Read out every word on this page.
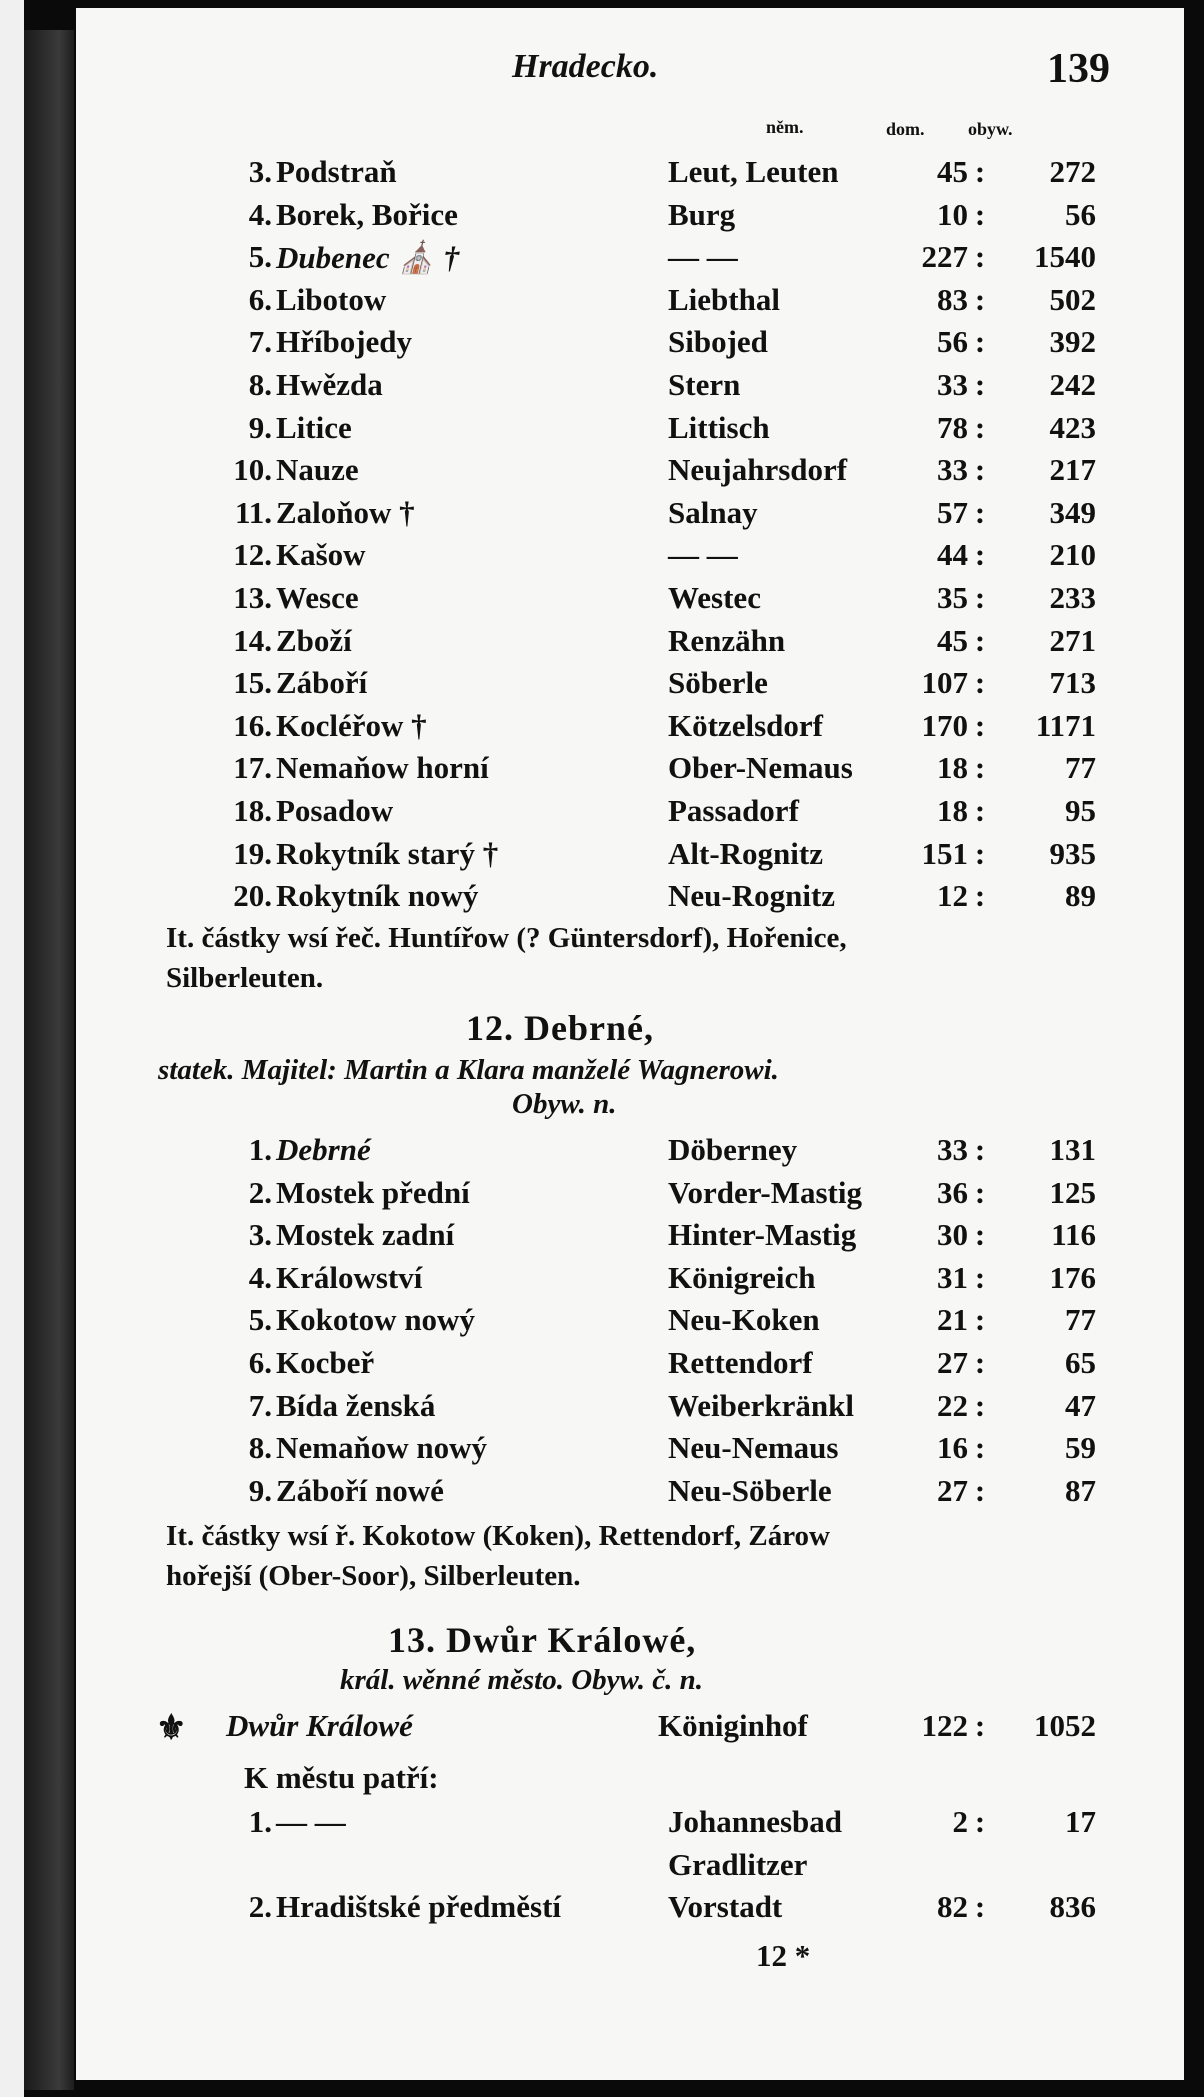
Hradecko.	139
něm.	dom. obyw.
3. Podstraň	Leut, Leuten	45 :	272
4. Borek, Bořice	Burg	10 :	56
5. Dubenec ⛪ †	— —	227 :	1540
6. Libotow	Liebthal	83 :	502
7. Hříbojedy	Sibojed	56 :	392
8. Hwězda	Stern	33 :	242
9. Litice	Littisch	78 :	423
10. Nauze	Neujahrsdorf	33 :	217
11. Zaloňow †	Salnay	57 :	349
12. Kašow	— —	44 :	210
13. Wesce	Westec	35 :	233
14. Zboží	Renzähn	45 :	271
15. Záboří	Söberle	107 :	713
16. Kocléřow †	Kötzelsdorf	170 :	1171
17. Nemaňow horní	Ober-Nemaus	18 :	77
18. Posadow	Passadorf	18 :	95
19. Rokytník starý †	Alt-Rognitz	151 :	935
20. Rokytník nowý	Neu-Rognitz	12 :	89
It. částky wsí řeč. Huntířow (? Güntersdorf), Hořenice,
Silberleuten.
12. Debrné,
statek. Majitel: Martin a Klara manželé Wagnerowi.
Obyw. n.
1. Debrné	Döberney	33 :	131
2. Mostek přední	Vorder-Mastig	36 :	125
3. Mostek zadní	Hinter-Mastig	30 :	116
4. Králowství	Königreich	31 :	176
5. Kokotow nowý	Neu-Koken	21 :	77
6. Kocbeř	Rettendorf	27 :	65
7. Bída ženská	Weiberkränkl	22 :	47
8. Nemaňow nowý	Neu-Nemaus	16 :	59
9. Záboří nowé	Neu-Söberle	27 :	87
It. částky wsí ř. Kokotow (Koken), Rettendorf, Zárow
hořejší (Ober-Soor), Silberleuten.
13. Dwůr Králowé,
král. wěnné město. Obyw. č. n.
⚜ Dwůr Králowé	Königinhof	122 :	1052
K městu patří:
1. — —	Johannesbad	2 :	17
Gradlitzer
2. Hradištské předměstí	Vorstadt	82 :	836
12 *
